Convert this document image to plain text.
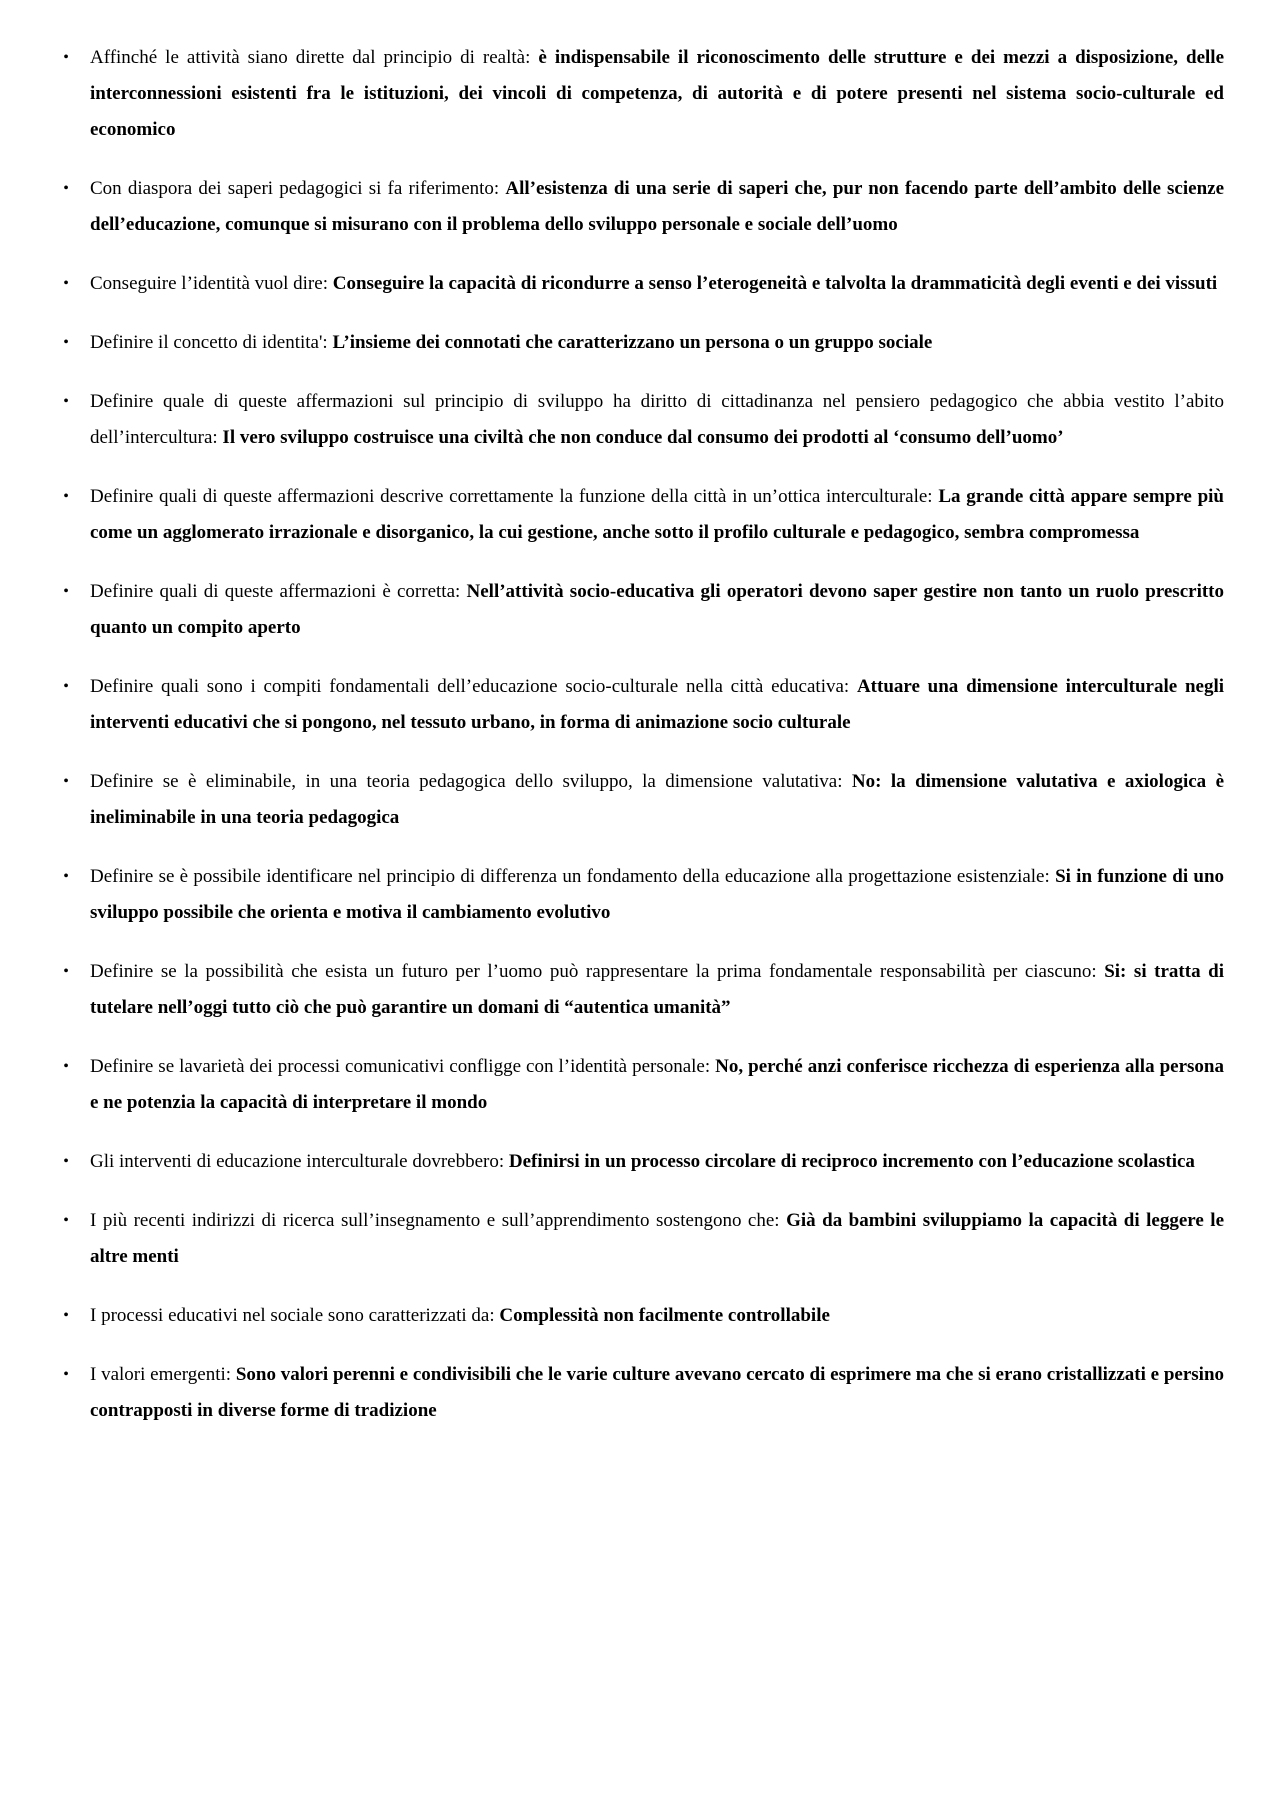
•	Affinché le attività siano dirette dal principio di realtà: è indispensabile il riconoscimento delle strutture e dei mezzi a disposizione, delle interconnessioni esistenti fra le istituzioni, dei vincoli di competenza, di autorità e di potere presenti nel sistema socio-culturale ed economico
•	Con diaspora dei saperi pedagogici si fa riferimento: All’esistenza di una serie di saperi che, pur non facendo parte dell’ambito delle scienze dell’educazione, comunque si misurano con il problema dello sviluppo personale e sociale dell’uomo
•	Conseguire l’identità vuol dire: Conseguire la capacità di ricondurre a senso l’eterogeneità e talvolta la drammaticità degli eventi e dei vissuti
•	Definire il concetto di identita': L’insieme dei connotati che caratterizzano un persona o un gruppo sociale
•	Definire quale di queste affermazioni sul principio di sviluppo ha diritto di cittadinanza nel pensiero pedagogico che abbia vestito l’abito dell’intercultura: Il vero sviluppo costruisce una civiltà che non conduce dal consumo dei prodotti al ‘consumo dell’uomo’
•	Definire quali di queste affermazioni descrive correttamente la funzione della città in un’ottica interculturale: La grande città appare sempre più come un agglomerato irrazionale e disorganico, la cui gestione, anche sotto il profilo culturale e pedagogico, sembra compromessa
•	Definire quali di queste affermazioni è corretta: Nell’attività socio-educativa gli operatori devono saper gestire non tanto un ruolo prescritto quanto un compito aperto
•	Definire quali sono i compiti fondamentali dell’educazione socio-culturale nella città educativa: Attuare una dimensione interculturale negli interventi educativi che si pongono, nel tessuto urbano, in forma di animazione socio culturale
•	Definire se è eliminabile, in una teoria pedagogica dello sviluppo, la dimensione valutativa: No: la dimensione valutativa e axiologica è ineliminabile in una teoria pedagogica
•	Definire se è possibile identificare nel principio di differenza un fondamento della educazione alla progettazione esistenziale: Si in funzione di uno sviluppo possibile che orienta e motiva il cambiamento evolutivo
•	Definire se la possibilità che esista un futuro per l’uomo può rappresentare la prima fondamentale responsabilità per ciascuno: Si: si tratta di tutelare nell’oggi tutto ciò che può garantire un domani di “autentica umanità”
•	Definire se lavarietà dei processi comunicativi confligge con l’identità personale: No, perché anzi conferisce ricchezza di esperienza alla persona e ne potenzia la capacità di interpretare il mondo
•	Gli interventi di educazione interculturale dovrebbero: Definirsi in un processo circolare di reciproco incremento con l’educazione scolastica
•	I più recenti indirizzi di ricerca sull’insegnamento e sull’apprendimento sostengono che: Già da bambini sviluppiamo la capacità di leggere le altre menti
•	I processi educativi nel sociale sono caratterizzati da: Complessità non facilmente controllabile
•	I valori emergenti: Sono valori perenni e condivisibili che le varie culture avevano cercato di esprimere ma che si erano cristallizzati e persino contrapposti in diverse forme di tradizione
